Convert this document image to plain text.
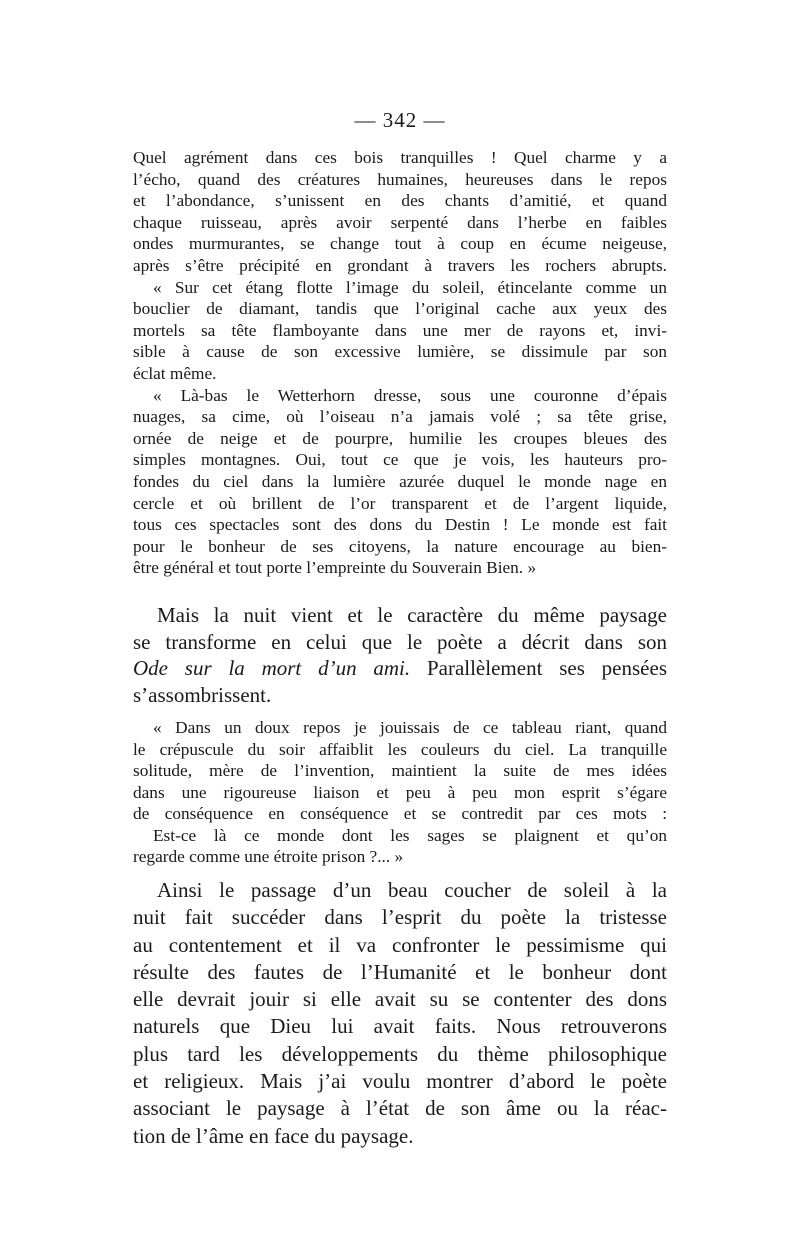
— 342 —
Quel agrément dans ces bois tranquilles ! Quel charme y a
l’écho, quand des créatures humaines, heureuses dans le repos
et l’abondance, s’unissent en des chants d’amitié, et quand
chaque ruisseau, après avoir serpenté dans l’herbe en faibles
ondes murmurantes, se change tout à coup en écume neigeuse,
après s’être précipité en grondant à travers les rochers abrupts.
« Sur cet étang flotte l’image du soleil, étincelante comme un
bouclier de diamant, tandis que l’original cache aux yeux des
mortels sa tête flamboyante dans une mer de rayons et, invi-
sible à cause de son excessive lumière, se dissimule par son
éclat même.
« Là-bas le Wetterhorn dresse, sous une couronne d’épais
nuages, sa cime, où l’oiseau n’a jamais volé ; sa tête grise,
ornée de neige et de pourpre, humilie les croupes bleues des
simples montagnes. Oui, tout ce que je vois, les hauteurs pro-
fondes du ciel dans la lumière azurée duquel le monde nage en
cercle et où brillent de l’or transparent et de l’argent liquide,
tous ces spectacles sont des dons du Destin ! Le monde est fait
pour le bonheur de ses citoyens, la nature encourage au bien-
être général et tout porte l’empreinte du Souverain Bien. »
Mais la nuit vient et le caractère du même paysage
se transforme en celui que le poète a décrit dans son
Ode sur la mort d’un ami. Parallèlement ses pensées
s’assombrissent.
« Dans un doux repos je jouissais de ce tableau riant, quand
le crépuscule du soir affaiblit les couleurs du ciel. La tranquille
solitude, mère de l’invention, maintient la suite de mes idées
dans une rigoureuse liaison et peu à peu mon esprit s’égare
de conséquence en conséquence et se contredit par ces mots :
Est-ce là ce monde dont les sages se plaignent et qu’on
regarde comme une étroite prison ?... »
Ainsi le passage d’un beau coucher de soleil à la
nuit fait succéder dans l’esprit du poète la tristesse
au contentement et il va confronter le pessimisme qui
résulte des fautes de l’Humanité et le bonheur dont
elle devrait jouir si elle avait su se contenter des dons
naturels que Dieu lui avait faits. Nous retrouverons
plus tard les développements du thème philosophique
et religieux. Mais j’ai voulu montrer d’abord le poète
associant le paysage à l’état de son âme ou la réac-
tion de l’âme en face du paysage.
